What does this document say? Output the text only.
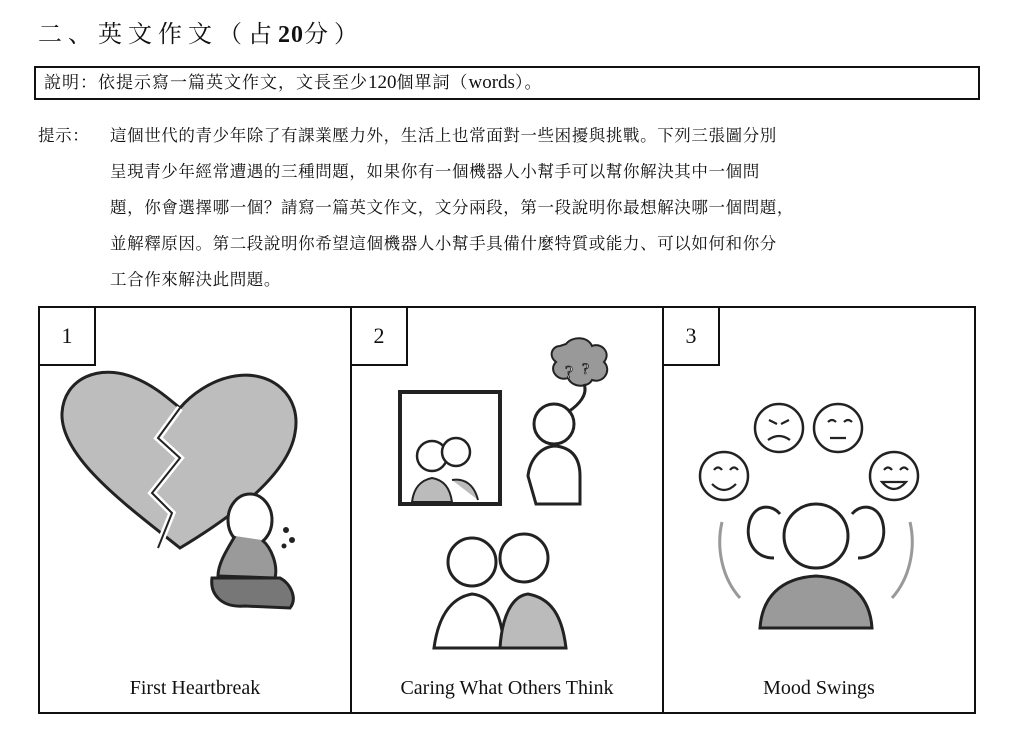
二、英文作文（占20分）
說明：依提示寫一篇英文作文，文長至少120個單詞（words）。
提示： 這個世代的青少年除了有課業壓力外，生活上也常面對一些困擾與挑戰。下列三張圖分別
呈現青少年經常遭遇的三種問題，如果你有一個機器人小幫手可以幫你解決其中一個問
題，你會選擇哪一個？請寫一篇英文作文，文分兩段，第一段說明你最想解決哪一個問題，
並解釋原因。第二段說明你希望這個機器人小幫手具備什麼特質或能力、可以如何和你分
工合作來解決此問題。
1
First Heartbreak
? ?
2
Caring What Others Think
3
Mood Swings
